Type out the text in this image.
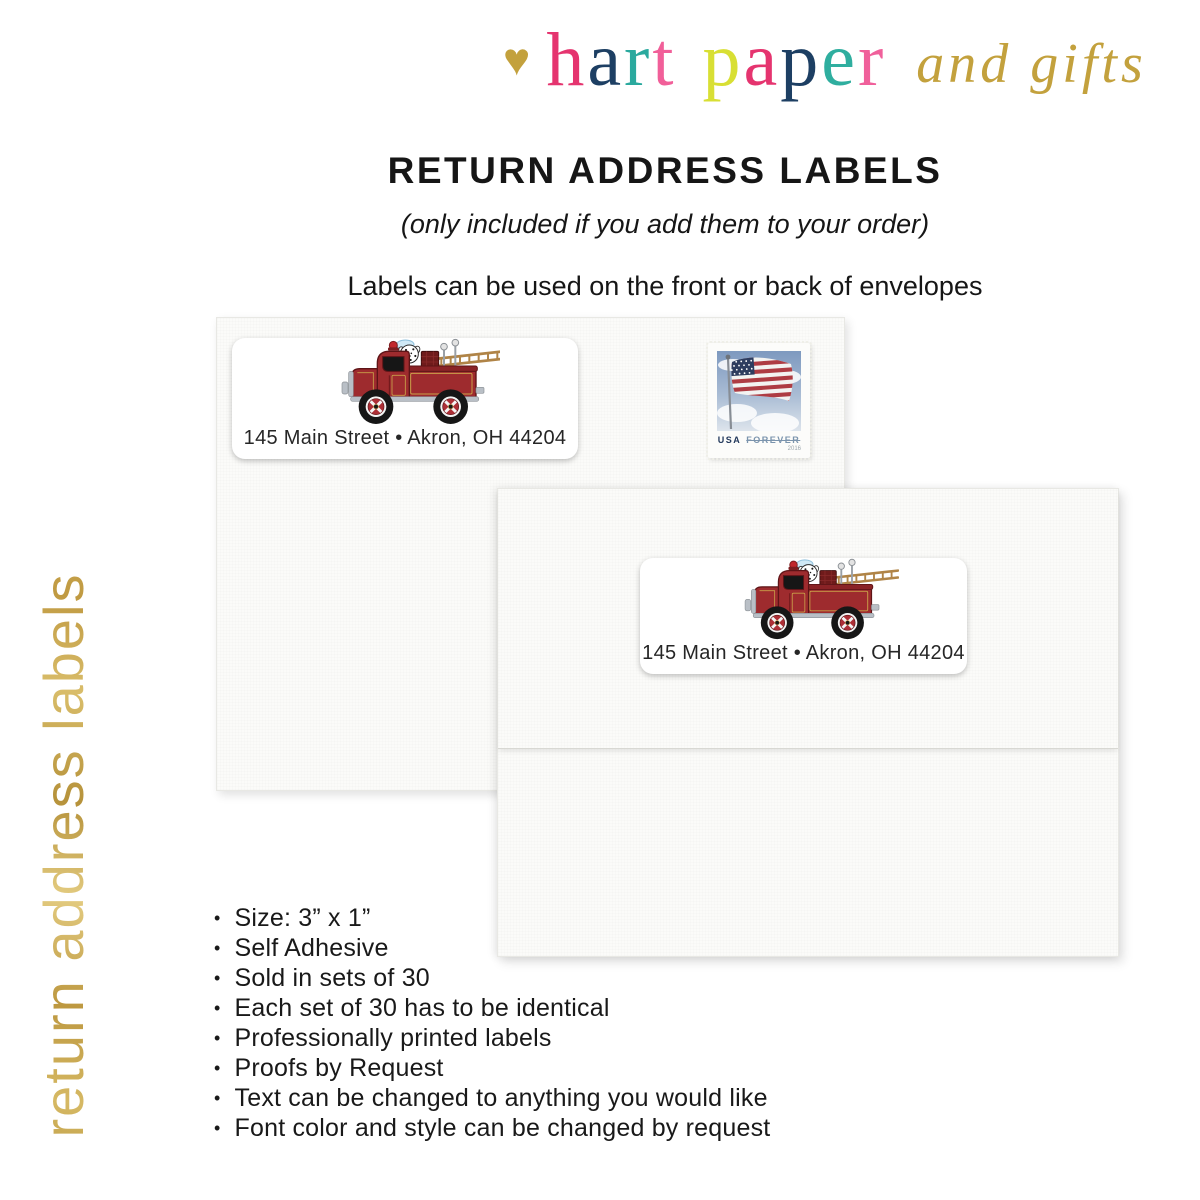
♥ hart paper and gifts
RETURN ADDRESS LABELS
(only included if you add them to your order)
Labels can be used on the front or back of envelopes
145 Main Street • Akron, OH 44204	USA FOREVER
2016
145 Main Street • Akron, OH 44204
return address labels	• Size: 3” x 1”
• Self Adhesive
• Sold in sets of 30
• Each set of 30 has to be identical
• Professionally printed labels
• Proofs by Request
• Text can be changed to anything you would like
• Font color and style can be changed by request
